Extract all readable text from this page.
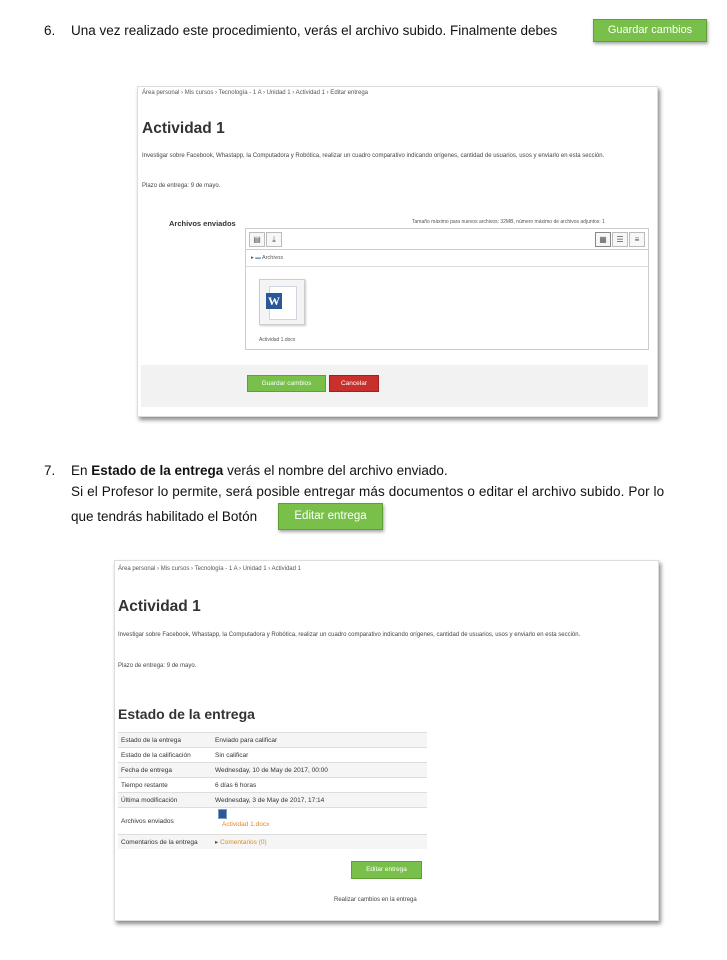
6. Una vez realizado este procedimiento, verás el archivo subido. Finalmente debes	Guardar cambios
Área personal › Mis cursos › Tecnología - 1 A › Unidad 1 › Actividad 1 › Editar entrega
Actividad 1
Investigar sobre Facebook, Whastapp, la Computadora y Robótica, realizar un cuadro comparativo indicando orígenes, cantidad de usuarios, usos y enviarlo en esta sección.
Plazo de entrega: 9 de mayo.
Archivos enviados	Tamaño máximo para nuevos archivos: 32MB, número máximo de archivos adjuntos: 1
▤	⤓	▦	☰	≡
▸ ▬ Archivos
W
Actividad 1.docx
Guardar cambios	Cancelar
7. En Estado de la entrega verás el nombre del archivo enviado.
Si el Profesor lo permite, será posible entregar más documentos o editar el archivo subido. Por lo
que tendrás habilitado el Botón	Editar entrega
Área personal › Mis cursos › Tecnología - 1 A › Unidad 1 › Actividad 1
Actividad 1
Investigar sobre Facebook, Whastapp, la Computadora y Robótica, realizar un cuadro comparativo indicando orígenes, cantidad de usuarios, usos y enviarlo en esta sección.
Plazo de entrega: 9 de mayo.
Estado de la entrega
Estado de la entrega	Enviado para calificar
Estado de la calificación	Sin calificar
Fecha de entrega	Wednesday, 10 de May de 2017, 00:00
Tiempo restante	6 días 6 horas
Última modificación	Wednesday, 3 de May de 2017, 17:14
Archivos enviados	Actividad 1.docx

Comentarios de la entrega	▸ Comentarios (0)
Editar entrega
Realizar cambios en la entrega
